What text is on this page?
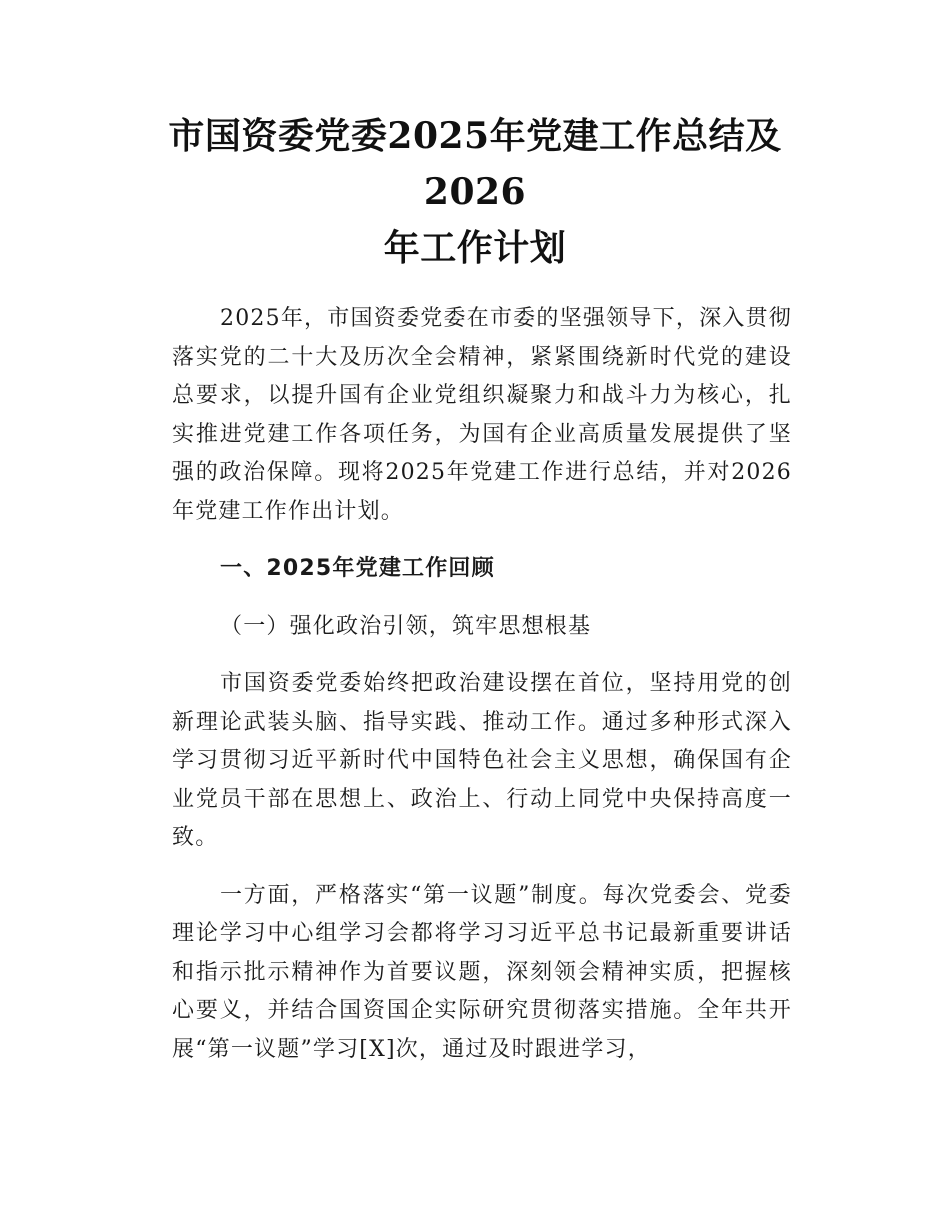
市国资委党委2025年党建工作总结及2026
年工作计划

2025年，市国资委党委在市委的坚强领导下，深入贯彻落实党的二十大及历次全会精神，紧紧围绕新时代党的建设总要求，以提升国有企业党组织凝聚力和战斗力为核心，扎实推进党建工作各项任务，为国有企业高质量发展提供了坚强的政治保障。现将2025年党建工作进行总结，并对2026年党建工作作出计划。

一、2025年党建工作回顾

（一）强化政治引领，筑牢思想根基

市国资委党委始终把政治建设摆在首位，坚持用党的创新理论武装头脑、指导实践、推动工作。通过多种形式深入学习贯彻习近平新时代中国特色社会主义思想，确保国有企业党员干部在思想上、政治上、行动上同党中央保持高度一致。

一方面，严格落实“第一议题”制度。每次党委会、党委理论学习中心组学习会都将学习习近平总书记最新重要讲话和指示批示精神作为首要议题，深刻领会精神实质，把握核心要义，并结合国资国企实际研究贯彻落实措施。全年共开展“第一议题”学习[X]次，通过及时跟进学习，
